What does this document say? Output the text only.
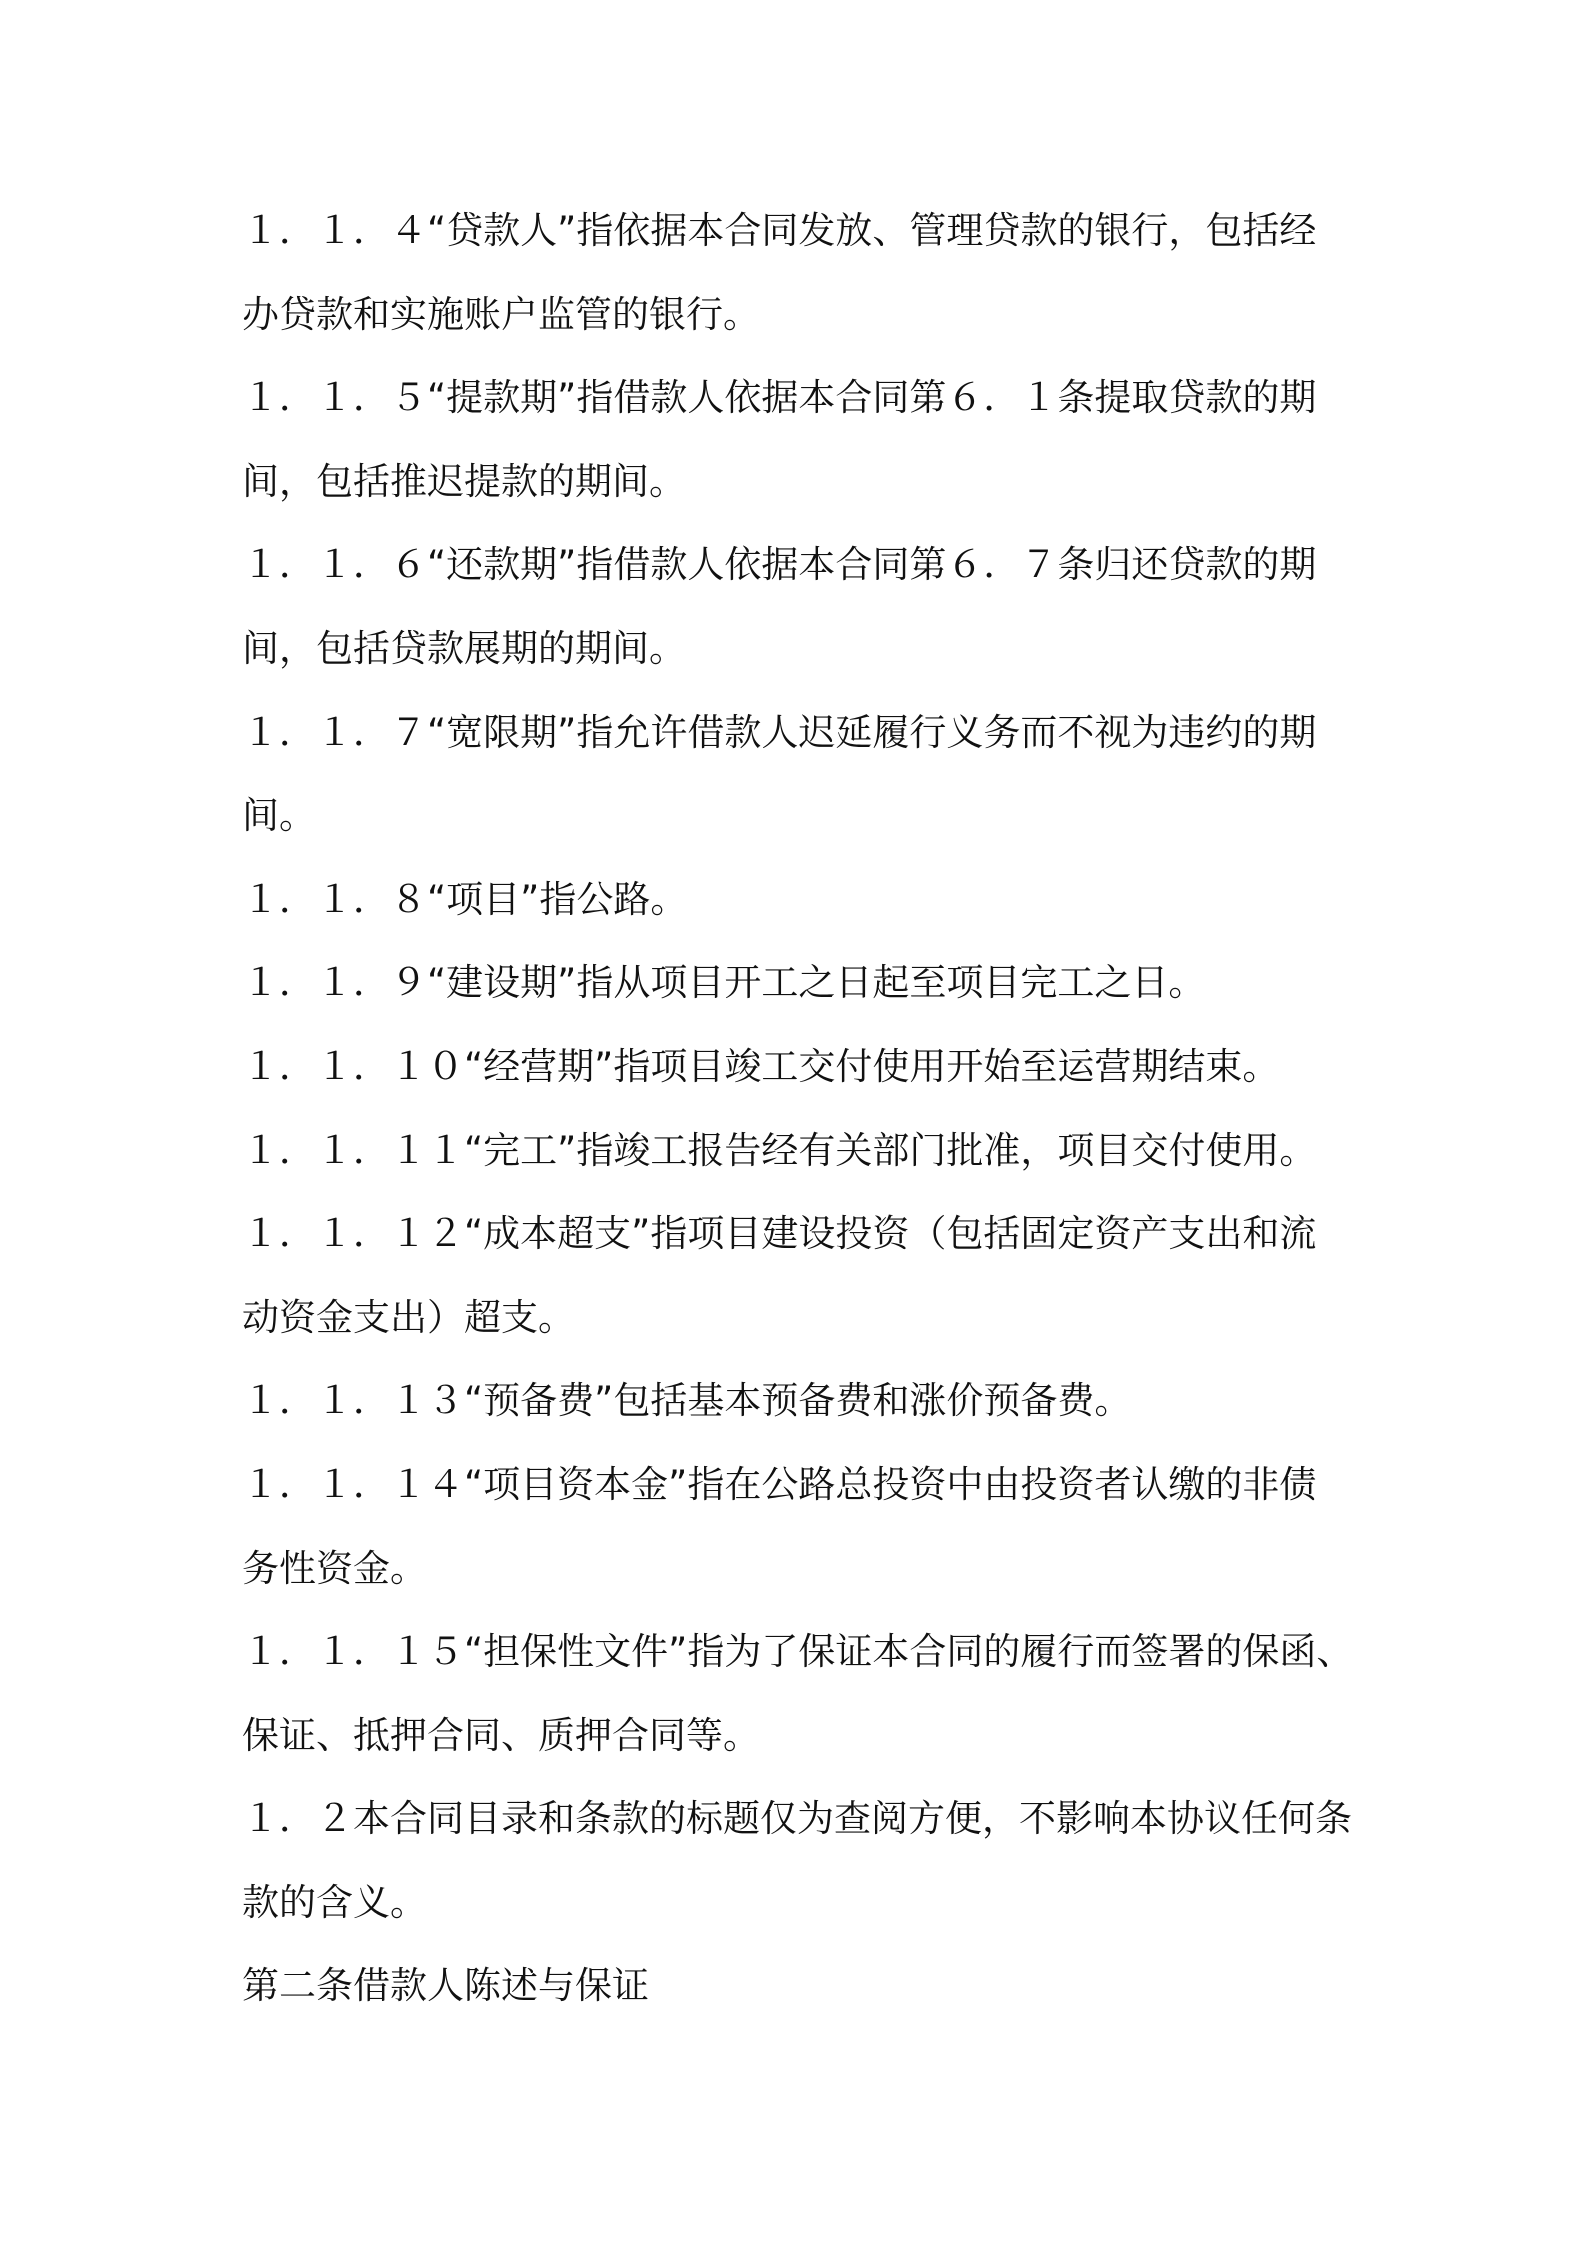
１．１．４“贷款人”指依据本合同发放、管理贷款的银行，包括经
办贷款和实施账户监管的银行。
１．１．５“提款期”指借款人依据本合同第６．１条提取贷款的期
间，包括推迟提款的期间。
１．１．６“还款期”指借款人依据本合同第６．７条归还贷款的期
间，包括贷款展期的期间。
１．１．７“宽限期”指允许借款人迟延履行义务而不视为违约的期
间。
１．１．８“项目”指公路。
１．１．９“建设期”指从项目开工之日起至项目完工之日。
１．１．１０“经营期”指项目竣工交付使用开始至运营期结束。
１．１．１１“完工”指竣工报告经有关部门批准，项目交付使用。
１．１．１２“成本超支”指项目建设投资（包括固定资产支出和流
动资金支出）超支。
１．１．１３“预备费”包括基本预备费和涨价预备费。
１．１．１４“项目资本金”指在公路总投资中由投资者认缴的非债
务性资金。
１．１．１５“担保性文件”指为了保证本合同的履行而签署的保函、
保证、抵押合同、质押合同等。
１．２本合同目录和条款的标题仅为查阅方便，不影响本协议任何条
款的含义。
第二条借款人陈述与保证
